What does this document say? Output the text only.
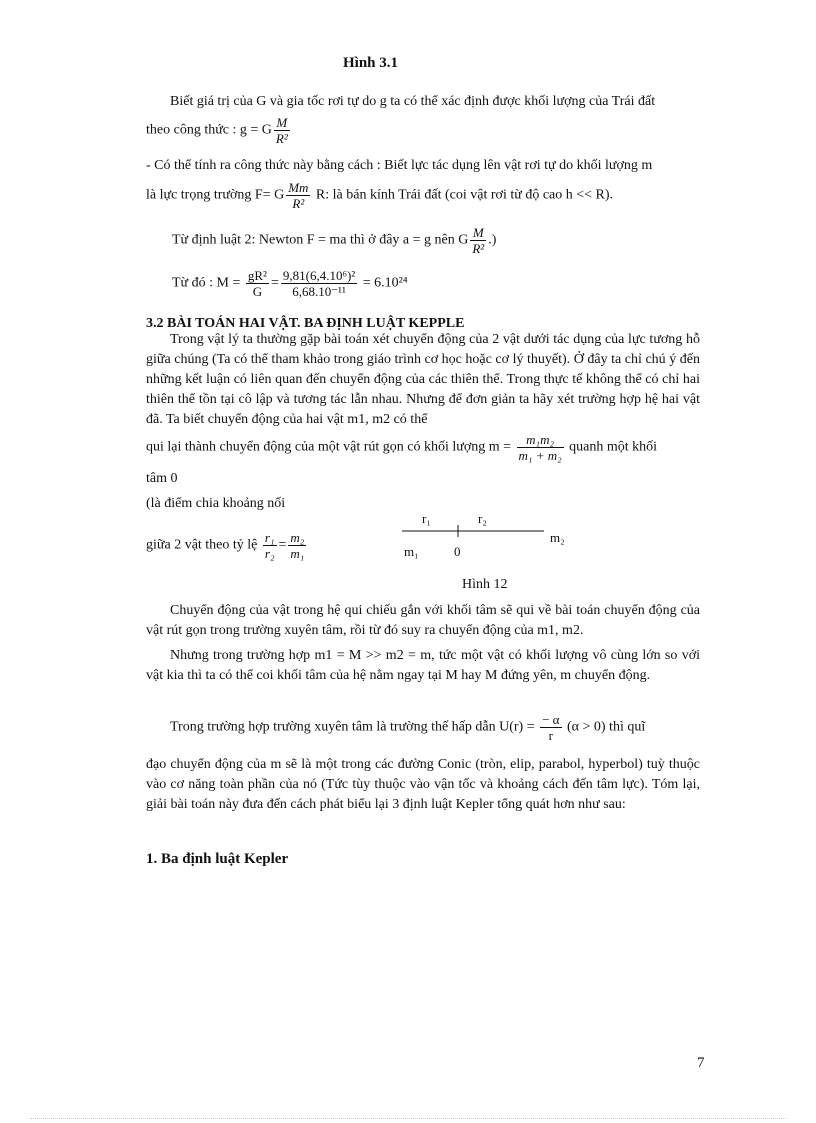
Hình 3.1
Biết giá trị của G và gia tốc rơi tự do g ta có thể xác định được khối lượng của Trái đất
theo công thức : g = G $\frac{M}{\text{R²}}$
- Có thể tính ra công thức này bằng cách : Biết lực tác dụng lên vật rơi tự do khối lượng m
là lực trọng trường F= G $\frac{Mm}{\text{R²}} R$: là bán kính Trái đất (coi vật rơi từ độ cao h << R).
Từ định luật 2: Newton F = ma thì ở đây a = g nên G $\frac{M}{\text{R²}}$ .)
Từ đó : $M = \frac{\text{gR²}}{G} = \frac{\text{9,81(6,4.10⁶)²}}{\text{6,68.10⁻¹¹}} = 6.10^{24}$
3.2 BÀI TOÁN HAI VẬT. BA ĐỊNH LUẬT KEPPLE
Trong vật lý ta thường gặp bài toán xét chuyển động của 2 vật dưới tác dụng của lực tương hỗ giữa chúng (Ta có thể tham khảo trong giáo trình cơ học hoặc cơ lý thuyết). Ở đây ta chỉ chú ý đến những kết luận có liên quan đến chuyển động của các thiên thể. Trong thực tế không thể có chỉ hai thiên thể tồn tại cô lập và tương tác lẫn nhau. Nhưng để đơn giản ta hãy xét trường hợp hệ hai vật đã. Ta biết chuyển động của hai vật m1, m2 có thể
qui lại thành chuyển động của một vật rút gọn có khối lượng $m = \frac{\text{m₁m₂}}{\text{m₁ + m₂}}$ quanh một khối
tâm 0
(là điểm chia khoảng nối
giữa 2 vật theo tỷ lệ $\frac{\text{r₁}}{\text{r₂}} = \frac{\text{m₂}}{\text{m₁}}$
r₁	r₂
m₁	0
m₂
Hình 12
Chuyển động của vật trong hệ qui chiếu gắn với khối tâm sẽ qui về bài toán chuyển động của vật rút gọn trong trường xuyên tâm, rồi từ đó suy ra chuyển động của m1, m2.
Nhưng trong trường hợp m1 = M >> m2 = m, tức một vật có khối lượng vô cùng lớn so với vật kia thì ta có thể coi khối tâm của hệ nằm ngay tại M hay M đứng yên, m chuyển động.
Trong trường hợp trường xuyên tâm là trường thế hấp dẫn $U(r) = \frac{- \alpha}{r} (\alpha > 0)$ thì quĩ
đạo chuyển động của m sẽ là một trong các đường Conic (tròn, elip, parabol, hyperbol) tuỳ thuộc vào cơ năng toàn phần của nó (Tức tùy thuộc vào vận tốc và khoảng cách đến tâm lực). Tóm lại, giải bài toán này đưa đến cách phát biểu lại 3 định luật Kepler tổng quát hơn như sau:
1. Ba định luật Kepler
7
